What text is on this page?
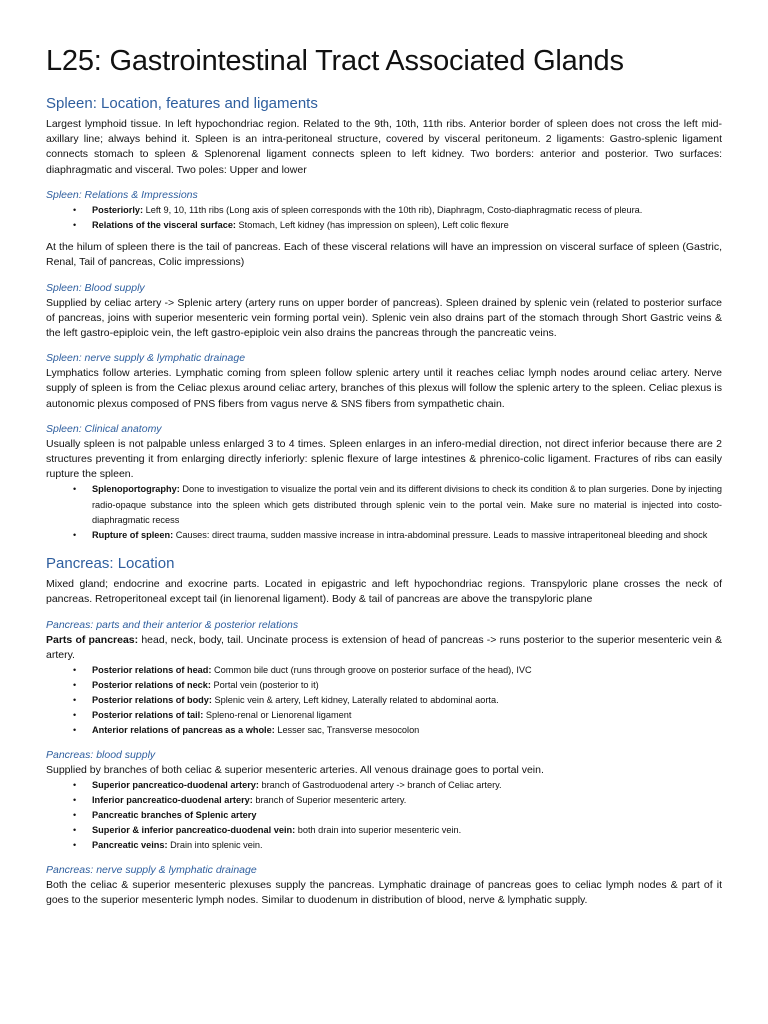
L25: Gastrointestinal Tract Associated Glands
Spleen: Location, features and ligaments

Largest lymphoid tissue. In left hypochondriac region. Related to the 9th, 10th, 11th ribs. Anterior border of spleen does not cross the left mid-axillary line; always behind it. Spleen is an intra-peritoneal structure, covered by visceral peritoneum. 2 ligaments: Gastro-splenic ligament connects stomach to spleen & Splenorenal ligament connects spleen to left kidney. Two borders: anterior and posterior. Two surfaces: diaphragmatic and visceral. Two poles: Upper and lower

Spleen: Relations & Impressions
• Posteriorly: Left 9, 10, 11th ribs (Long axis of spleen corresponds with the 10th rib), Diaphragm, Costo-diaphragmatic recess of pleura.
• Relations of the visceral surface: Stomach, Left kidney (has impression on spleen), Left colic flexure

At the hilum of spleen there is the tail of pancreas. Each of these visceral relations will have an impression on visceral surface of spleen (Gastric, Renal, Tail of pancreas, Colic impressions)

Spleen: Blood supply

Supplied by celiac artery -> Splenic artery (artery runs on upper border of pancreas). Spleen drained by splenic vein (related to posterior surface of pancreas, joins with superior mesenteric vein forming portal vein). Splenic vein also drains part of the stomach through Short Gastric veins & the left gastro-epiploic vein, the left gastro-epiploic vein also drains the pancreas through the pancreatic veins.

Spleen: nerve supply & lymphatic drainage

Lymphatics follow arteries. Lymphatic coming from spleen follow splenic artery until it reaches celiac lymph nodes around celiac artery. Nerve supply of spleen is from the Celiac plexus around celiac artery, branches of this plexus will follow the splenic artery to the spleen. Celiac plexus is autonomic plexus composed of PNS fibers from vagus nerve & SNS fibers from sympathetic chain.

Spleen: Clinical anatomy

Usually spleen is not palpable unless enlarged 3 to 4 times. Spleen enlarges in an infero-medial direction, not direct inferior because there are 2 structures preventing it from enlarging directly inferiorly: splenic flexure of large intestines & phrenico-colic ligament. Fractures of ribs can easily rupture the spleen.

• Splenoportography: Done to investigation to visualize the portal vein and its different divisions to check its condition & to plan surgeries. Done by injecting radio-opaque substance into the spleen which gets distributed through splenic vein to the portal vein. Make sure no material is injected into costo-diaphragmatic recess
• Rupture of spleen: Causes: direct trauma, sudden massive increase in intra-abdominal pressure. Leads to massive intraperitoneal bleeding and shock
Pancreas: Location

Mixed gland; endocrine and exocrine parts. Located in epigastric and left hypochondriac regions. Transpyloric plane crosses the neck of pancreas. Retroperitoneal except tail (in lienorenal ligament). Body & tail of pancreas are above the transpyloric plane

Pancreas: parts and their anterior & posterior relations

Parts of pancreas: head, neck, body, tail. Uncinate process is extension of head of pancreas -> runs posterior to the superior mesenteric vein & artery.

• Posterior relations of head: Common bile duct (runs through groove on posterior surface of the head), IVC
• Posterior relations of neck: Portal vein (posterior to it)
• Posterior relations of body: Splenic vein & artery, Left kidney, Laterally related to abdominal aorta.
• Posterior relations of tail: Spleno-renal or Lienorenal ligament
• Anterior relations of pancreas as a whole: Lesser sac, Transverse mesocolon
Pancreas: blood supply

Supplied by branches of both celiac & superior mesenteric arteries. All venous drainage goes to portal vein.

• Superior pancreatico-duodenal artery: branch of Gastroduodenal artery -> branch of Celiac artery.
• Inferior pancreatico-duodenal artery: branch of Superior mesenteric artery.
• Pancreatic branches of Splenic artery
• Superior & inferior pancreatico-duodenal vein: both drain into superior mesenteric vein.
• Pancreatic veins: Drain into splenic vein.
Pancreas: nerve supply & lymphatic drainage

Both the celiac & superior mesenteric plexuses supply the pancreas. Lymphatic drainage of pancreas goes to celiac lymph nodes & part of it goes to the superior mesenteric lymph nodes. Similar to duodenum in distribution of blood, nerve & lymphatic supply.
